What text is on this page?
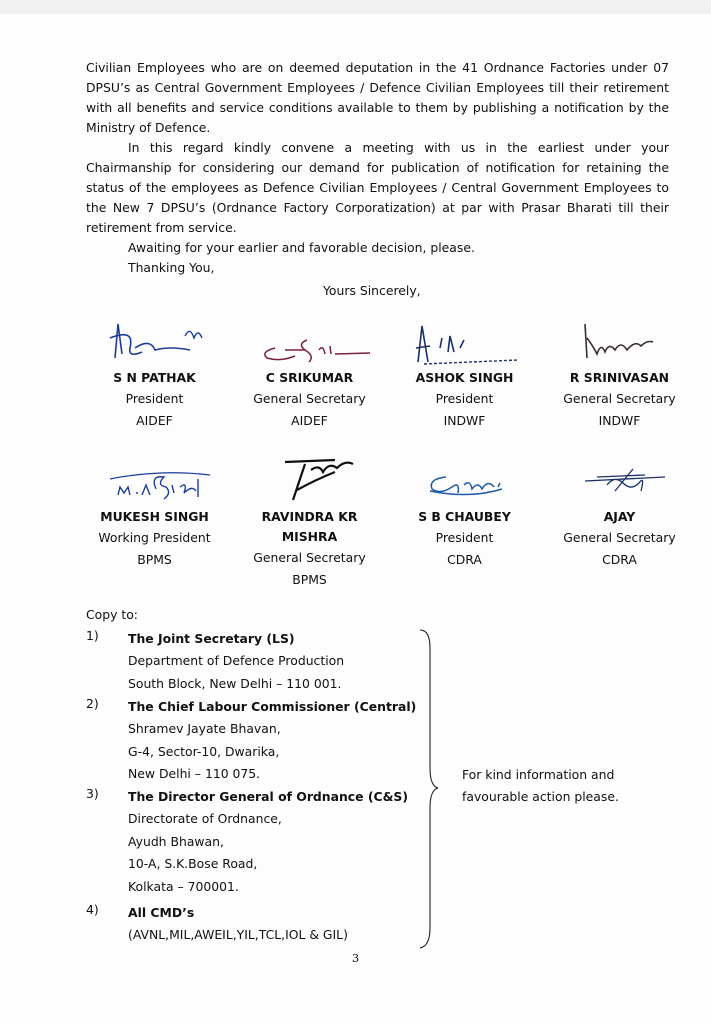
Civilian Employees who are on deemed deputation in the 41 Ordnance Factories under 07 DPSU’s as Central Government Employees / Defence Civilian Employees till their retirement with all benefits and service conditions available to them by publishing a notification by the Ministry of Defence.
In this regard kindly convene a meeting with us in the earliest under your Chairmanship for considering our demand for publication of notification for retaining the status of the employees as Defence Civilian Employees / Central Government Employees to the New 7 DPSU’s (Ordnance Factory Corporatization) at par with Prasar Bharati till their retirement from service.
Awaiting for your earlier and favorable decision, please.
Thanking You,
Yours Sincerely,
S N PATHAK
President
AIDEF
C SRIKUMAR
General Secretary
AIDEF
ASHOK SINGH
President
INDWF
R SRINIVASAN
General Secretary
INDWF
MUKESH SINGH
Working President
BPMS
RAVINDRA KR MISHRA
General Secretary
BPMS
S B CHAUBEY
President
CDRA
AJAY
General Secretary
CDRA
Copy to:
1)	The Joint Secretary (LS)
Department of Defence Production
South Block, New Delhi – 110 001.
2)	The Chief Labour Commissioner (Central)
Shramev Jayate Bhavan,
G-4, Sector-10, Dwarika,
New Delhi – 110 075.
3)	The Director General of Ordnance (C&S)
Directorate of Ordnance,
Ayudh Bhawan,
10-A, S.K.Bose Road,
Kolkata – 700001.
4)	All CMD’s
(AVNL,MIL,AWEIL,YIL,TCL,IOL & GIL)
For kind information and
favourable action please.
3
